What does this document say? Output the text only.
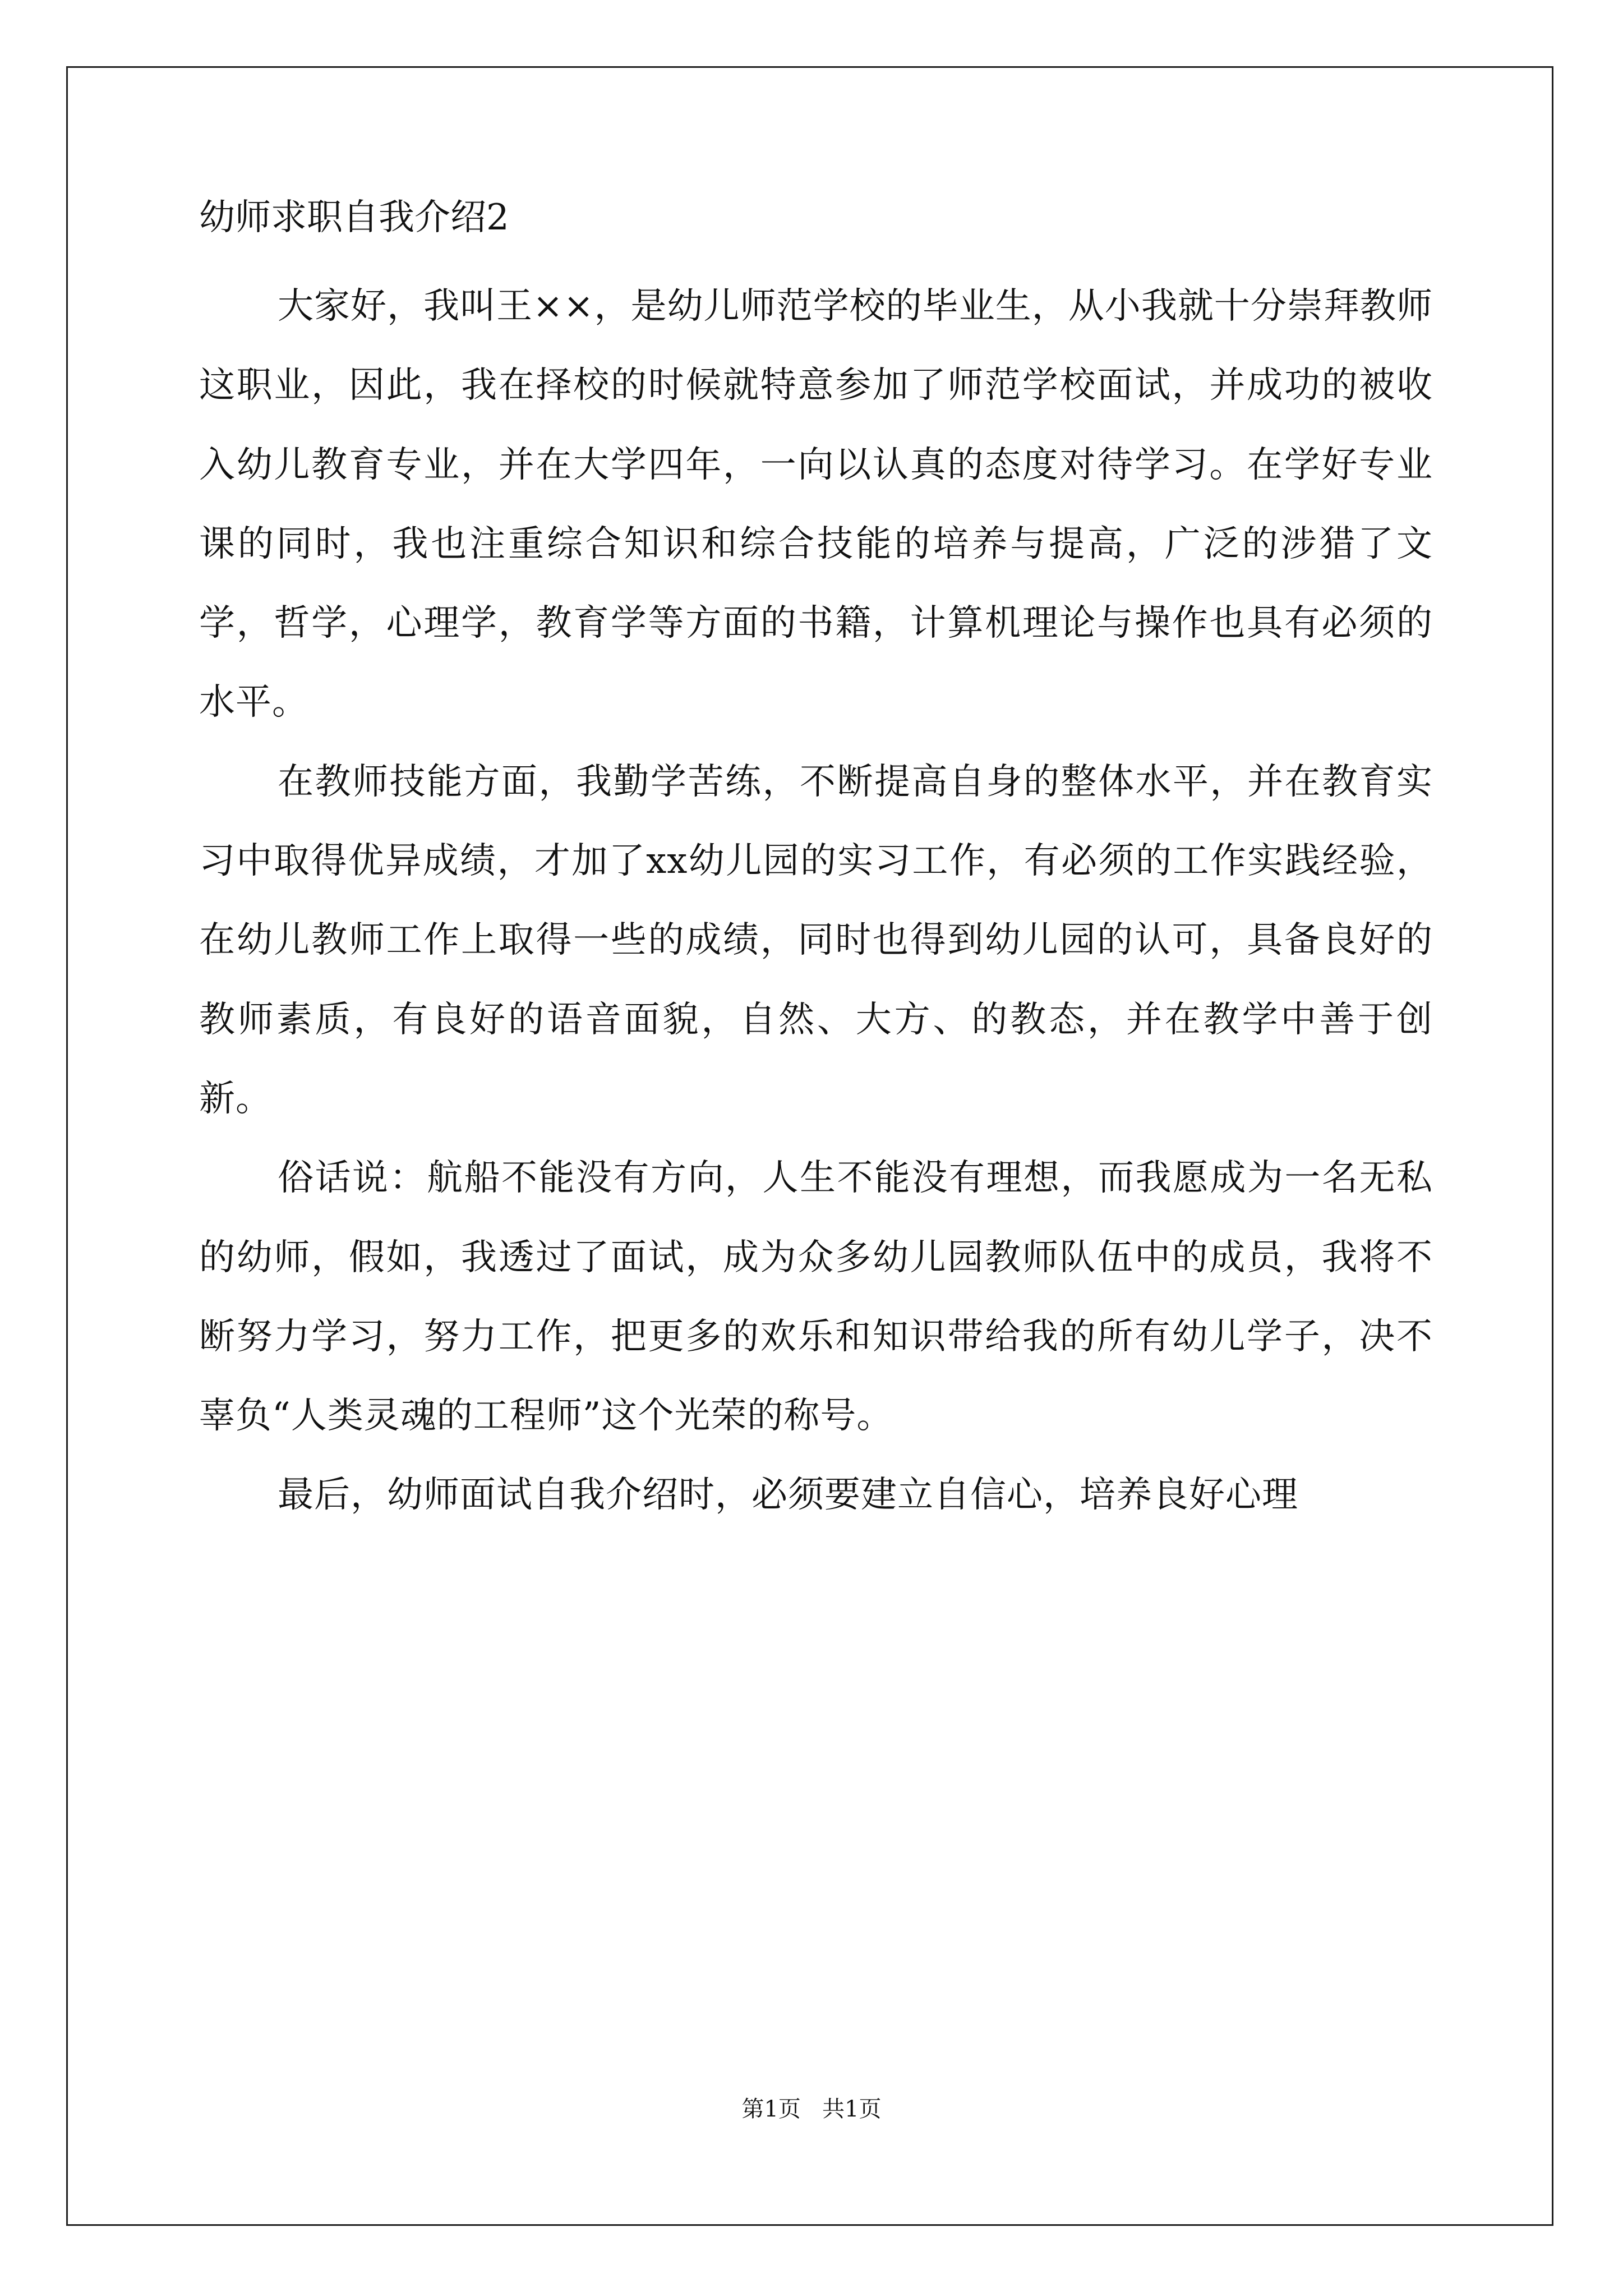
幼师求职自我介绍2

大家好，我叫王××，是幼儿师范学校的毕业生，从小我就十分崇拜教师这职业，因此，我在择校的时候就特意参加了师范学校面试，并成功的被收入幼儿教育专业，并在大学四年，一向以认真的态度对待学习。在学好专业课的同时，我也注重综合知识和综合技能的培养与提高，广泛的涉猎了文学，哲学，心理学，教育学等方面的书籍，计算机理论与操作也具有必须的水平。

在教师技能方面，我勤学苦练，不断提高自身的整体水平，并在教育实习中取得优异成绩，才加了xx幼儿园的实习工作，有必须的工作实践经验，在幼儿教师工作上取得一些的成绩，同时也得到幼儿园的认可，具备良好的教师素质，有良好的语音面貌，自然、大方、的教态，并在教学中善于创新。

俗话说：航船不能没有方向，人生不能没有理想，而我愿成为一名无私的幼师，假如，我透过了面试，成为众多幼儿园教师队伍中的成员，我将不断努力学习，努力工作，把更多的欢乐和知识带给我的所有幼儿学子，决不辜负“人类灵魂的工程师”这个光荣的称号。

最后，幼师面试自我介绍时，必须要建立自信心，培养良好心理

第1页   共1页
